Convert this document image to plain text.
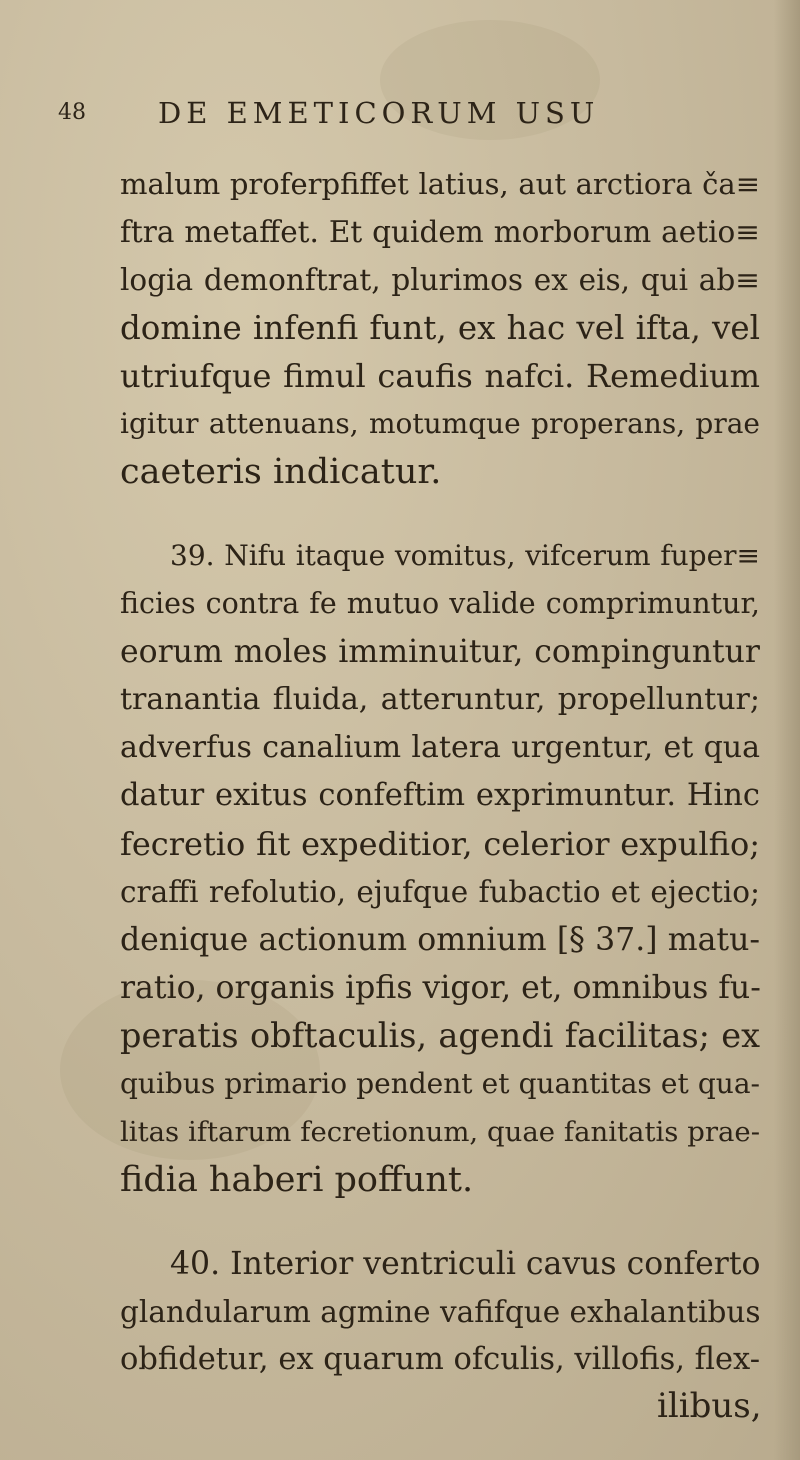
48 DE EMETICORUM USU
malum proferpfiffet latius, aut arctiora ča≡
ftra metaffet. Et quidem morborum aetio≡
logia demonftrat, plurimos ex eis, qui ab≡
domine infenfi funt, ex hac vel ifta, vel
utriufque fimul caufis nafci. Remedium
igitur attenuans, motumque properans, prae
caeteris indicatur.
39. Nifu itaque vomitus, vifcerum fuper≡
ficies contra fe mutuo valide comprimuntur,
eorum moles imminuitur, compinguntur
tranantia fluida, atteruntur, propelluntur;
adverfus canalium latera urgentur, et qua
datur exitus confeftim exprimuntur. Hinc
fecretio fit expeditior, celerior expulfio;
craffi refolutio, ejufque fubactio et ejectio;
denique actionum omnium [§ 37.] matu-
ratio, organis ipfis vigor, et, omnibus fu-
peratis obftaculis, agendi facilitas; ex
quibus primario pendent et quantitas et qua-
litas iftarum fecretionum, quae fanitatis prae-
fidia haberi poffunt.
40. Interior ventriculi cavus conferto
glandularum agmine vafifque exhalantibus
obfidetur, ex quarum ofculis, villofis, flex-
ilibus,
